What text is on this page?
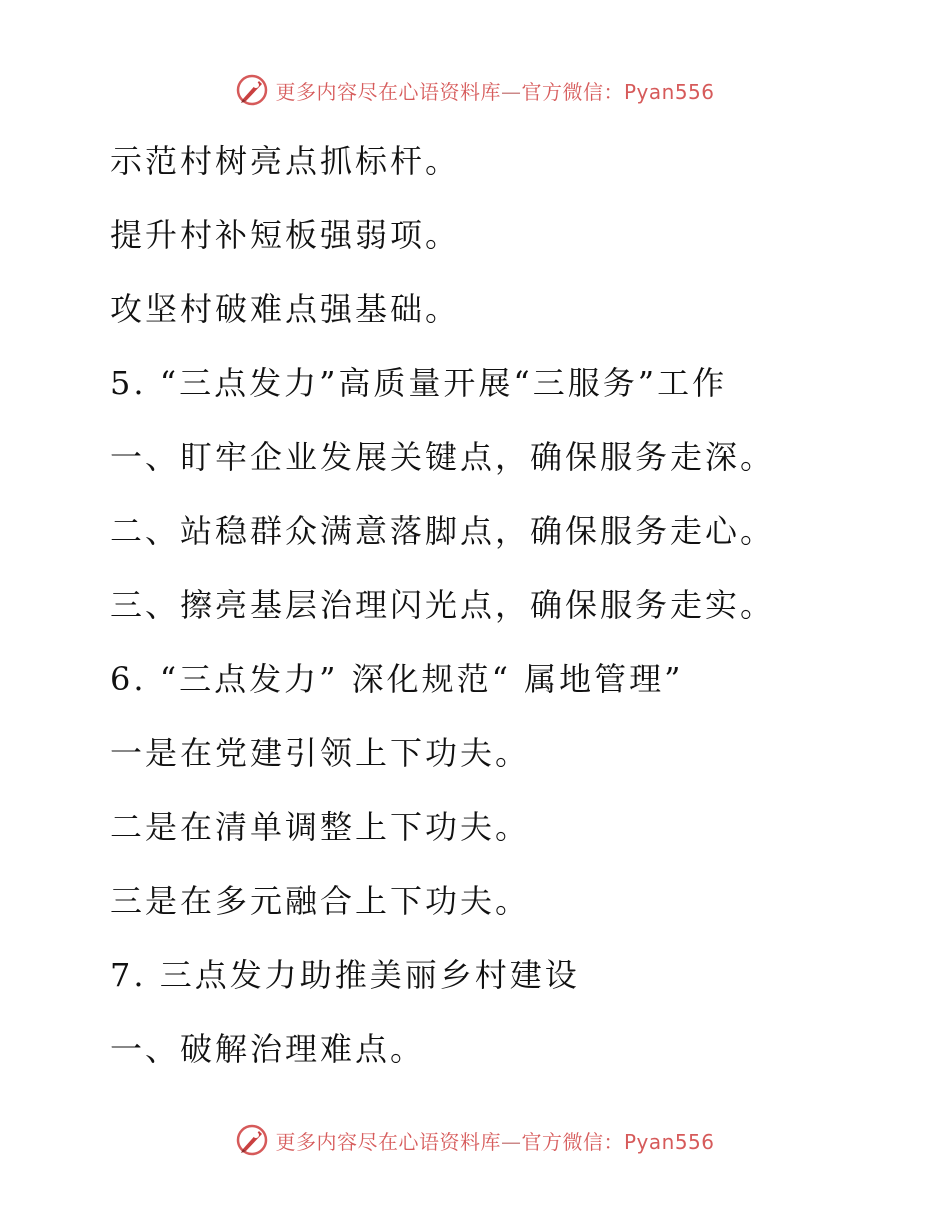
更多内容尽在心语资料库—官方微信：Pyan556
示范村树亮点抓标杆。
提升村补短板强弱项。
攻坚村破难点强基础。
5. “三点发力”高质量开展“三服务”工作
一、盯牢企业发展关键点，确保服务走深。
二、站稳群众满意落脚点，确保服务走心。
三、擦亮基层治理闪光点，确保服务走实。
6. “三点发力” 深化规范“ 属地管理”
一是在党建引领上下功夫。
二是在清单调整上下功夫。
三是在多元融合上下功夫。
7. 三点发力助推美丽乡村建设
一、破解治理难点。
更多内容尽在心语资料库—官方微信：Pyan556
